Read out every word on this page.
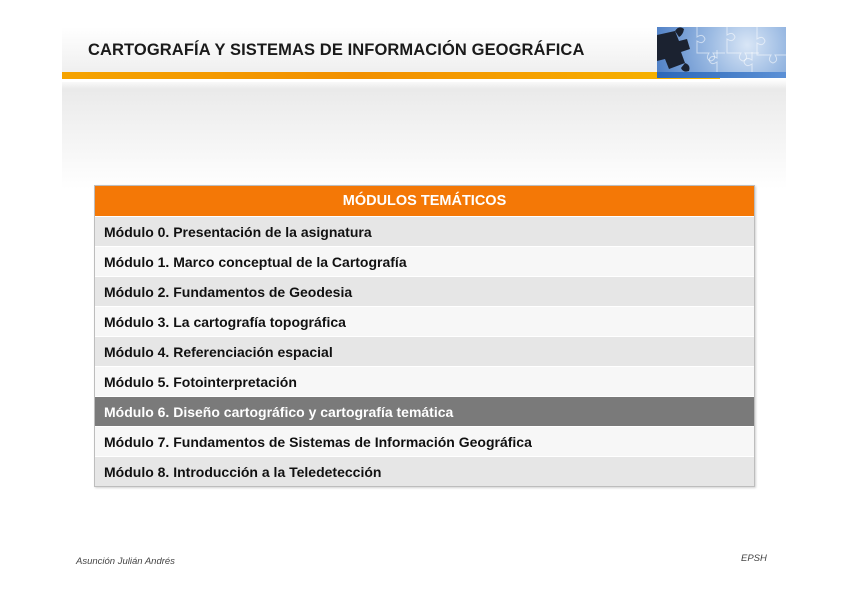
CARTOGRAFÍA Y SISTEMAS DE INFORMACIÓN GEOGRÁFICA
MÓDULOS TEMÁTICOS
Módulo 0. Presentación de la asignatura
Módulo 1. Marco conceptual de la Cartografía
Módulo 2. Fundamentos de Geodesia
Módulo 3. La cartografía topográfica
Módulo 4. Referenciación espacial
Módulo 5. Fotointerpretación
Módulo 6. Diseño cartográfico y cartografía temática
Módulo 7. Fundamentos de Sistemas de Información Geográfica
Módulo 8. Introducción a la Teledetección
Asunción Julián Andrés	EPSH
